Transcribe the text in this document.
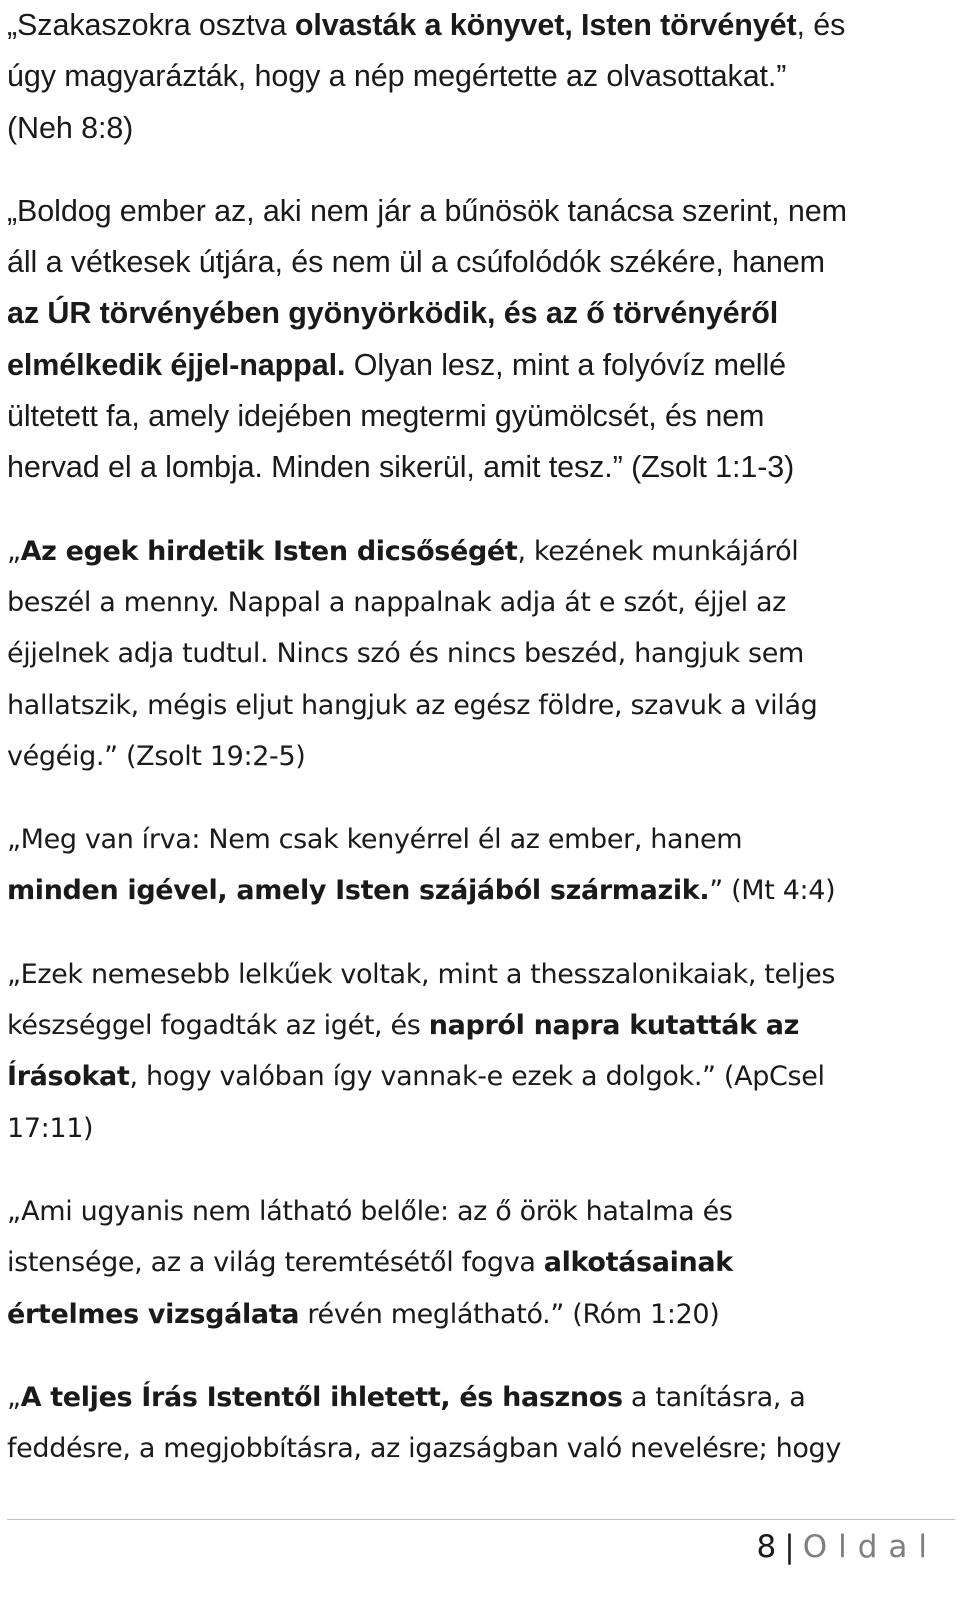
„Szakaszokra osztva olvasták a könyvet, Isten törvényét, és
úgy magyarázták, hogy a nép megértette az olvasottakat.”
(Neh 8:8)
„Boldog ember az, aki nem jár a bűnösök tanácsa szerint, nem
áll a vétkesek útjára, és nem ül a csúfolódók székére, hanem
az ÚR törvényében gyönyörködik, és az ő törvényéről
elmélkedik éjjel-nappal. Olyan lesz, mint a folyóvíz mellé
ültetett fa, amely idejében megtermi gyümölcsét, és nem
hervad el a lombja. Minden sikerül, amit tesz.” (Zsolt 1:1-3)
„Az egek hirdetik Isten dicsőségét, kezének munkájáról
beszél a menny. Nappal a nappalnak adja át e szót, éjjel az
éjjelnek adja tudtul. Nincs szó és nincs beszéd, hangjuk sem
hallatszik, mégis eljut hangjuk az egész földre, szavuk a világ
végéig.” (Zsolt 19:2-5)
„Meg van írva: Nem csak kenyérrel él az ember, hanem
minden igével, amely Isten szájából származik.” (Mt 4:4)
„Ezek nemesebb lelkűek voltak, mint a thesszalonikaiak, teljes
készséggel fogadták az igét, és napról napra kutatták az
Írásokat, hogy valóban így vannak-e ezek a dolgok.” (ApCsel
17:11)
„Ami ugyanis nem látható belőle: az ő örök hatalma és
istensége, az a világ teremtésétől fogva alkotásainak
értelmes vizsgálata révén meglátható.” (Róm 1:20)
„A teljes Írás Istentől ihletett, és hasznos a tanításra, a
feddésre, a megjobbításra, az igazságban való nevelésre; hogy
8 | Oldal
